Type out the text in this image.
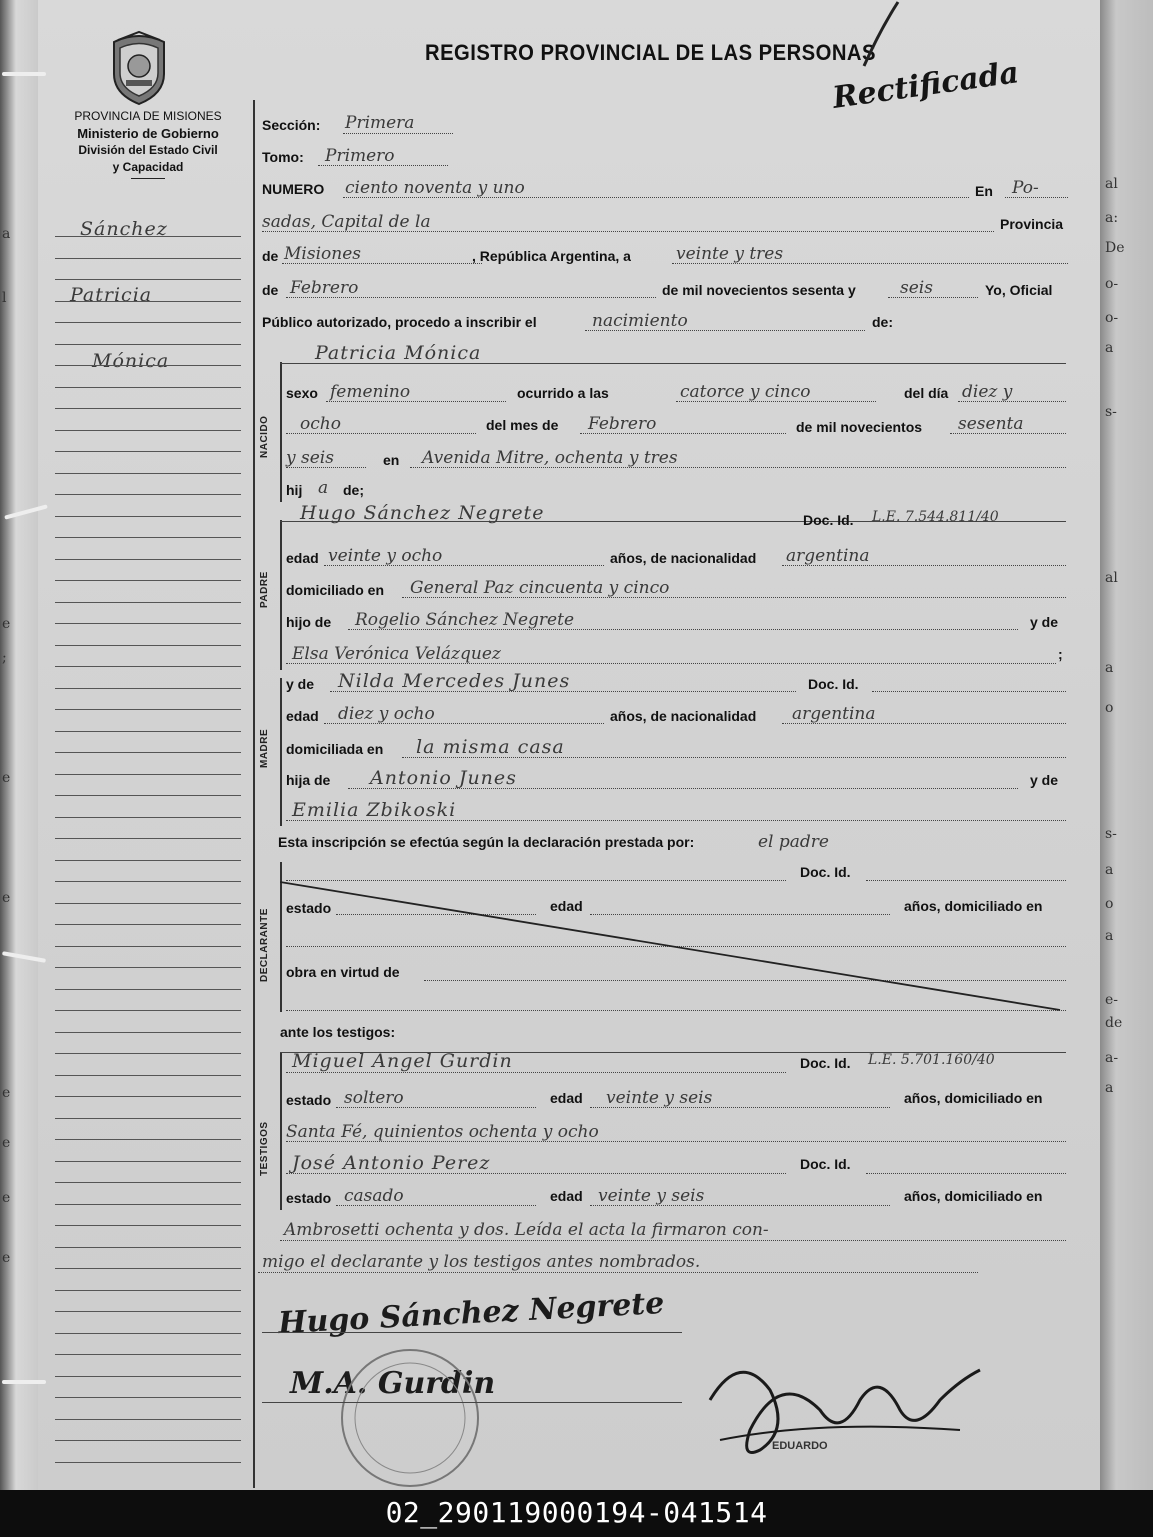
a
l
e
;
e
e
e
e
e
e
al
a:
De
o-
o-
a
s-
al
a
o
s-
a
o
a
e-
de
a-
a
PROVINCIA DE MISIONES
Ministerio de Gobierno
División del Estado Civil
y Capacidad
REGISTRO PROVINCIAL DE LAS PERSONAS
Rectificada
Sánchez
Patricia
Mónica
Sección: Primera
Tomo: Primero
NUMERO ciento noventa y uno	En Po-
sadas, Capital de la	Provincia
de Misiones	, República Argentina, a	veinte y tres
de Febrero	de mil novecientos sesenta y	seis	Yo, Oficial
Público autorizado, procedo a inscribir el	nacimiento	de:
NACIDO
Patricia Mónica
sexo femenino	ocurrido a las	catorce y cinco	del día diez y
ocho	del mes de Febrero	de mil novecientos sesenta
y seis	en Avenida Mitre, ochenta y tres
hij a de;
PADRE
Hugo Sánchez Negrete	Doc. Id. L.E. 7.544.811/40
edad veinte y ocho	años, de nacionalidad argentina
domiciliado en General Paz cincuenta y cinco
hijo de Rogelio Sánchez Negrete	y de
Elsa Verónica Velázquez	;
MADRE
y de Nilda Mercedes Junes	Doc. Id.
edad diez y ocho	años, de nacionalidad argentina
domiciliada en la misma casa
hija de Antonio Junes	y de
Emilia Zbikoski
Esta inscripción se efectúa según la declaración prestada por:	el padre
DECLARANTE
Doc. Id.
estado	edad	años, domiciliado en
obra en virtud de
ante los testigos:
TESTIGOS
Miguel Angel Gurdin	Doc. Id. L.E. 5.701.160/40
estado soltero	edad veinte y seis	años, domiciliado en
Santa Fé, quinientos ochenta y ocho
José Antonio Perez	Doc. Id.
estado casado	edad veinte y seis	años, domiciliado en
Ambrosetti ochenta y dos. Leída el acta la firmaron con-
migo el declarante y los testigos antes nombrados.
Hugo Sánchez Negrete
M.A. Gurdin
EDUARDO
02_290119000194-041514
